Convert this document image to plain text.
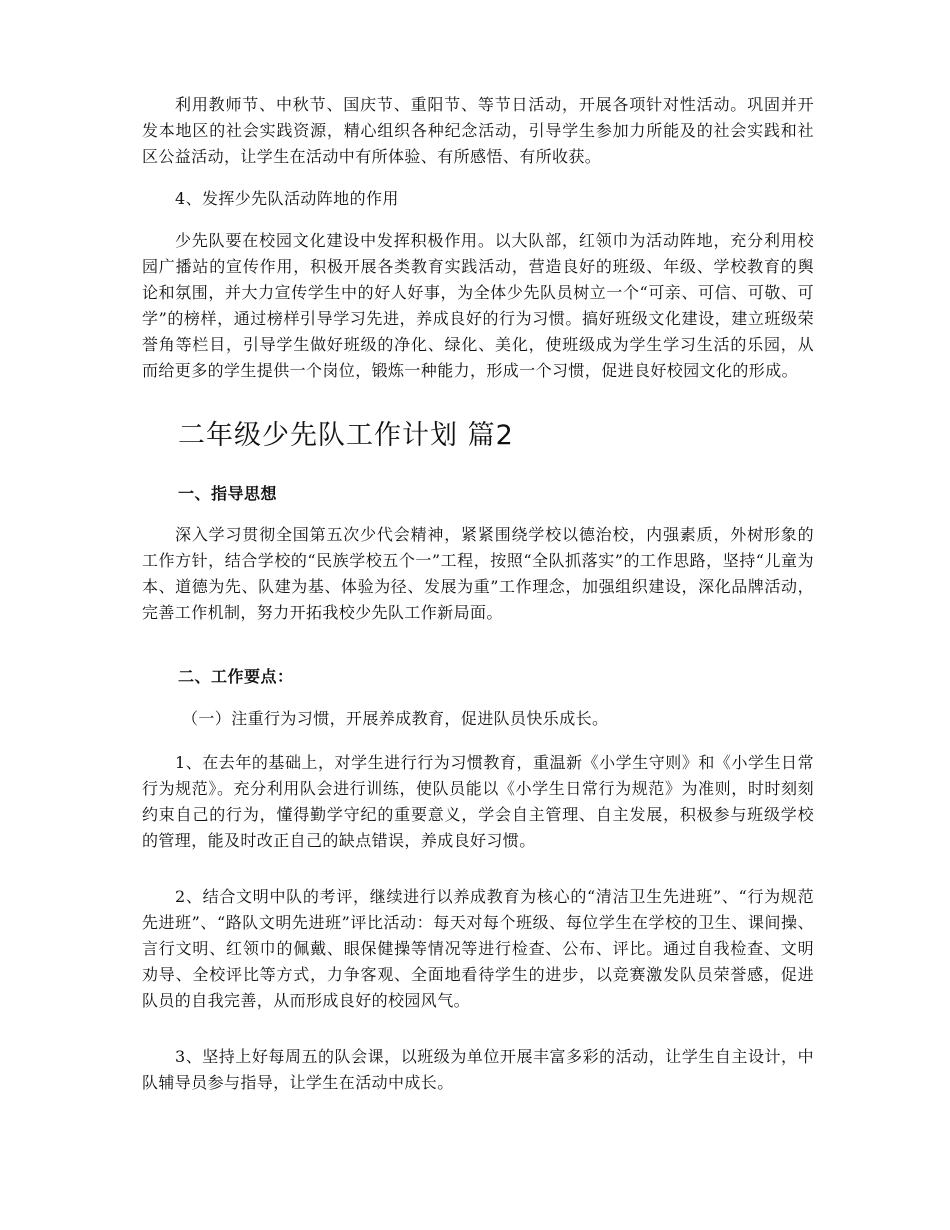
利用教师节、中秋节、国庆节、重阳节、等节日活动，开展各项针对性活动。巩固并开发本地区的社会实践资源，精心组织各种纪念活动，引导学生参加力所能及的社会实践和社区公益活动，让学生在活动中有所体验、有所感悟、有所收获。

4、发挥少先队活动阵地的作用

少先队要在校园文化建设中发挥积极作用。以大队部，红领巾为活动阵地，充分利用校园广播站的宣传作用，积极开展各类教育实践活动，营造良好的班级、年级、学校教育的舆论和氛围，并大力宣传学生中的好人好事，为全体少先队员树立一个“可亲、可信、可敬、可学”的榜样，通过榜样引导学习先进，养成良好的行为习惯。搞好班级文化建设，建立班级荣誉角等栏目，引导学生做好班级的净化、绿化、美化，使班级成为学生学习生活的乐园，从而给更多的学生提供一个岗位，锻炼一种能力，形成一个习惯，促进良好校园文化的形成。

二年级少先队工作计划 篇2
一、指导思想

深入学习贯彻全国第五次少代会精神，紧紧围绕学校以德治校，内强素质，外树形象的工作方针，结合学校的“民族学校五个一”工程，按照“全队抓落实”的工作思路，坚持“儿童为本、道德为先、队建为基、体验为径、发展为重”工作理念，加强组织建设，深化品牌活动，完善工作机制，努力开拓我校少先队工作新局面。

二、工作要点：

（一）注重行为习惯，开展养成教育，促进队员快乐成长。

1、在去年的基础上，对学生进行行为习惯教育，重温新《小学生守则》和《小学生日常行为规范》。充分利用队会进行训练，使队员能以《小学生日常行为规范》为准则，时时刻刻约束自己的行为，懂得勤学守纪的重要意义，学会自主管理、自主发展，积极参与班级学校的管理，能及时改正自己的缺点错误，养成良好习惯。

2、结合文明中队的考评，继续进行以养成教育为核心的“清洁卫生先进班”、“行为规范先进班”、“路队文明先进班”评比活动：每天对每个班级、每位学生在学校的卫生、课间操、言行文明、红领巾的佩戴、眼保健操等情况等进行检查、公布、评比。通过自我检查、文明劝导、全校评比等方式，力争客观、全面地看待学生的进步，以竞赛激发队员荣誉感，促进队员的自我完善，从而形成良好的校园风气。

3、坚持上好每周五的队会课，以班级为单位开展丰富多彩的活动，让学生自主设计，中队辅导员参与指导，让学生在活动中成长。
